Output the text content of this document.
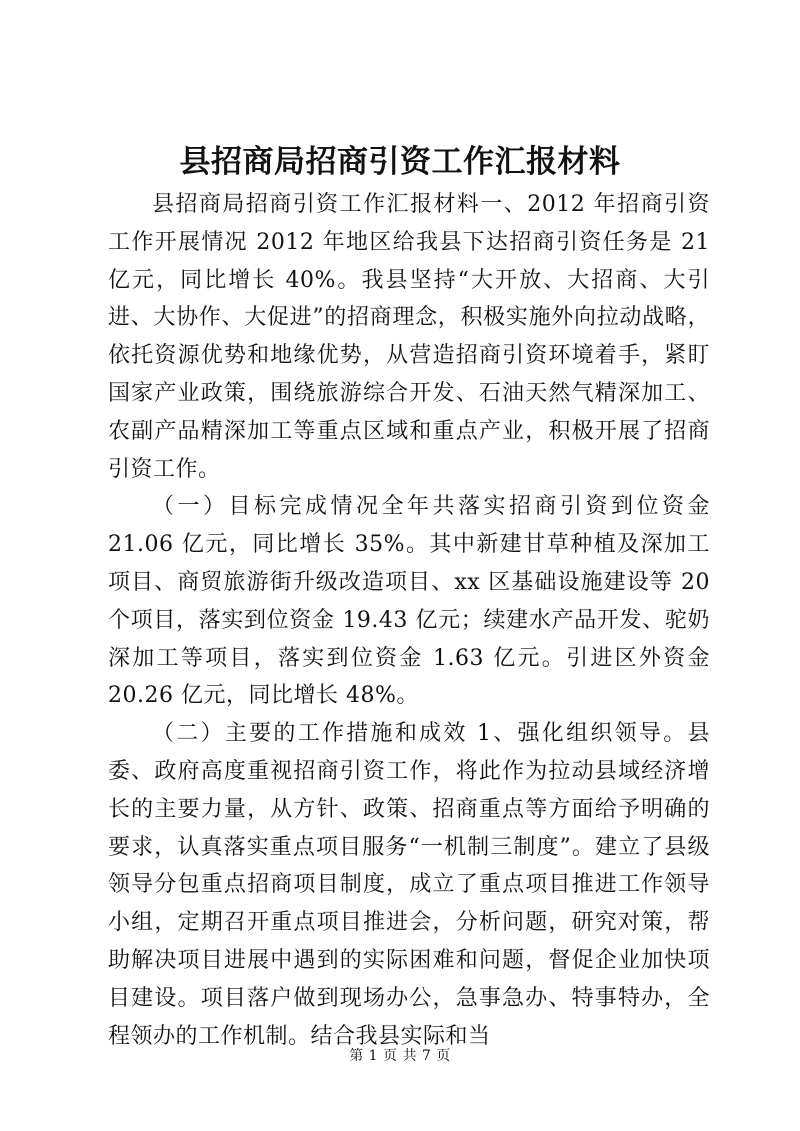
县招商局招商引资工作汇报材料

县招商局招商引资工作汇报材料一、2012 年招商引资工作开展情况 2012 年地区给我县下达招商引资任务是 21 亿元，同比增长 40%。我县坚持“大开放、大招商、大引进、大协作、大促进”的招商理念，积极实施外向拉动战略，依托资源优势和地缘优势，从营造招商引资环境着手，紧盯国家产业政策，围绕旅游综合开发、石油天然气精深加工、农副产品精深加工等重点区域和重点产业，积极开展了招商引资工作。

（一）目标完成情况全年共落实招商引资到位资金 21.06 亿元，同比增长 35%。其中新建甘草种植及深加工项目、商贸旅游街升级改造项目、xx 区基础设施建设等 20 个项目，落实到位资金 19.43 亿元；续建水产品开发、驼奶深加工等项目，落实到位资金 1.63 亿元。引进区外资金 20.26 亿元，同比增长 48%。

（二）主要的工作措施和成效 1、强化组织领导。县委、政府高度重视招商引资工作，将此作为拉动县域经济增长的主要力量，从方针、政策、招商重点等方面给予明确的要求，认真落实重点项目服务“一机制三制度”。建立了县级领导分包重点招商项目制度，成立了重点项目推进工作领导小组，定期召开重点项目推进会，分析问题，研究对策，帮助解决项目进展中遇到的实际困难和问题，督促企业加快项目建设。项目落户做到现场办公，急事急办、特事特办，全程领办的工作机制。结合我县实际和当

第 1 页 共 7 页
